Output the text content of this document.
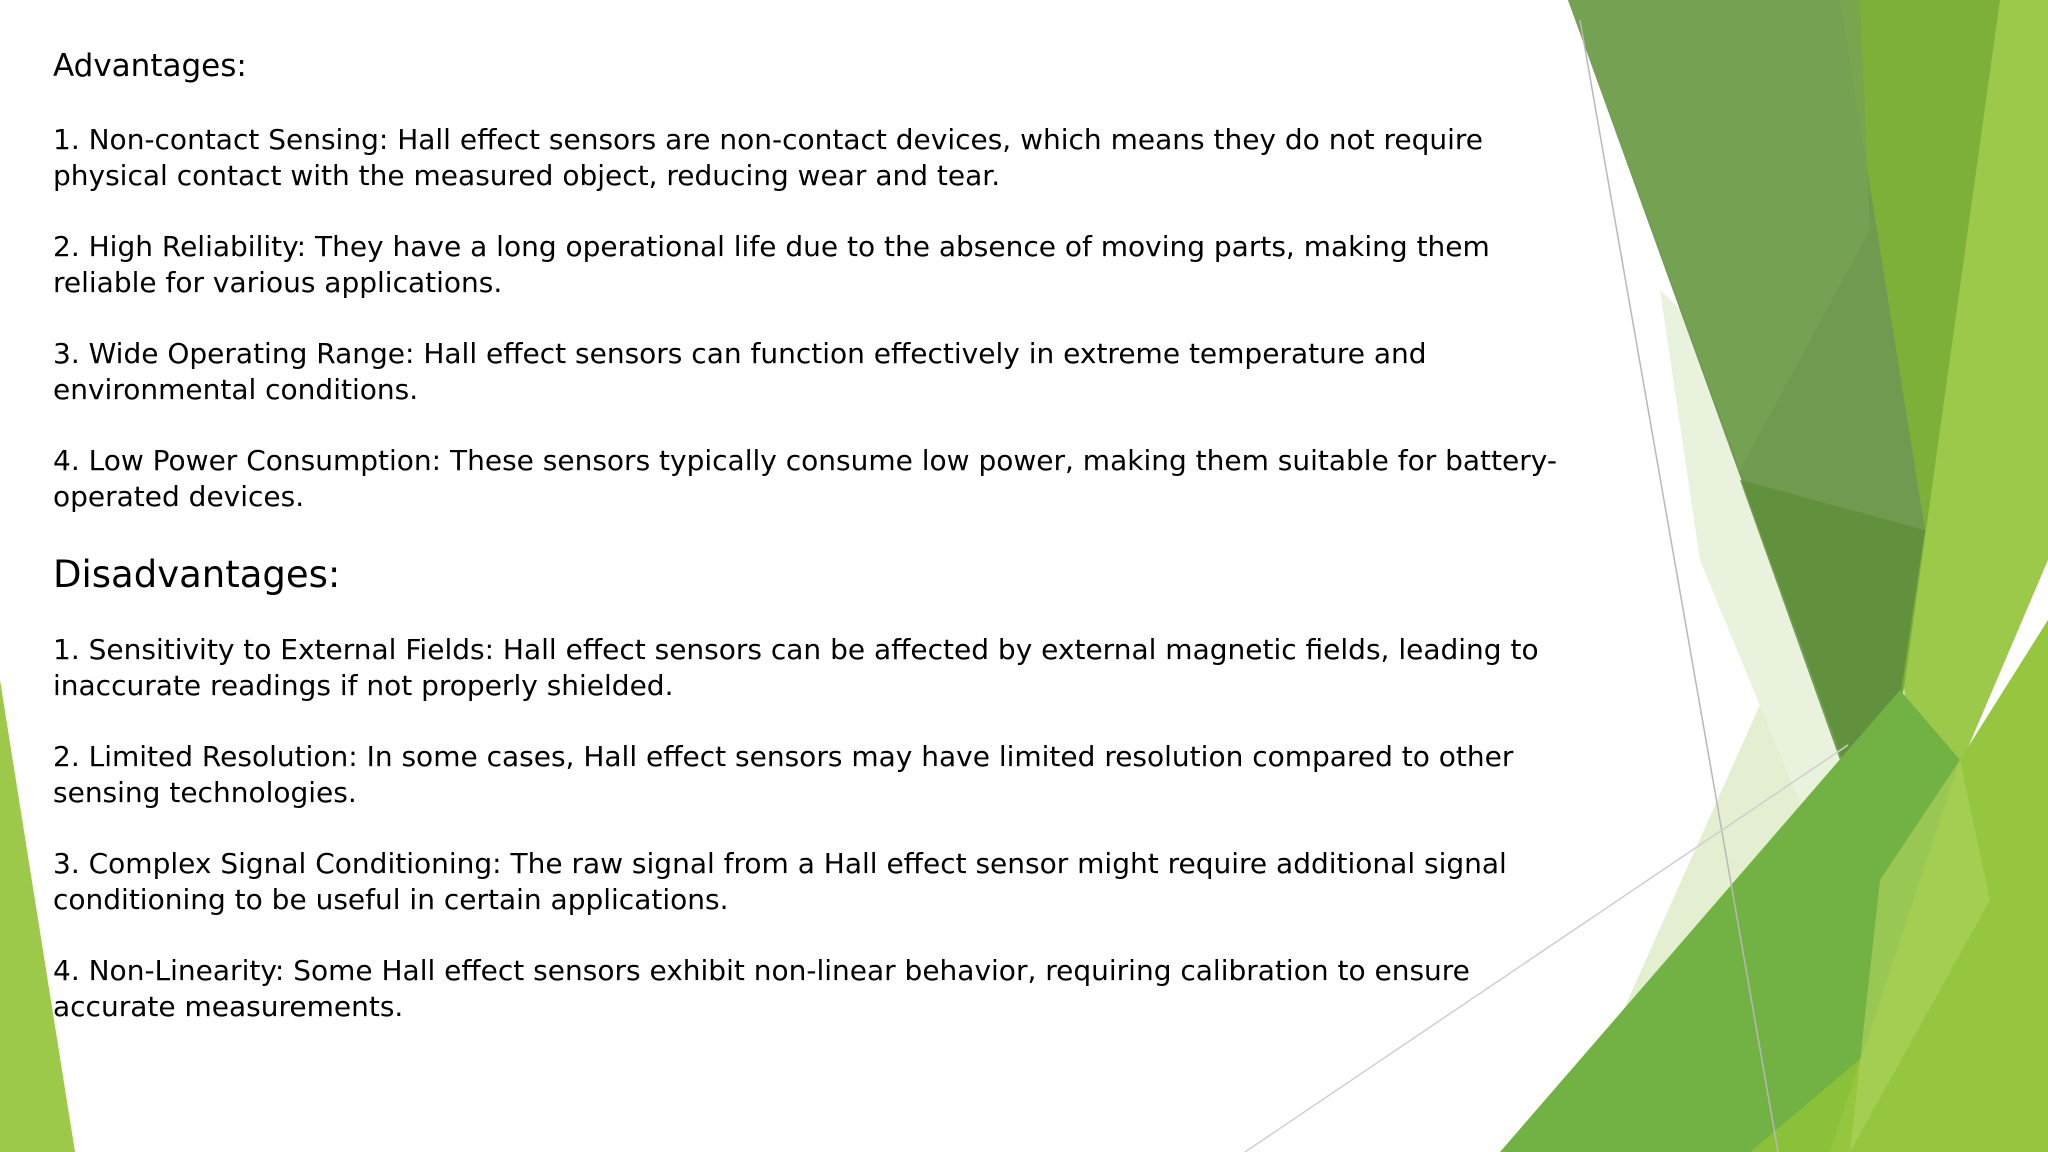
Advantages:

1. Non-contact Sensing: Hall effect sensors are non-contact devices, which means they do not require physical contact with the measured object, reducing wear and tear.

2. High Reliability: They have a long operational life due to the absence of moving parts, making them reliable for various applications.

3. Wide Operating Range: Hall effect sensors can function effectively in extreme temperature and environmental conditions.

4. Low Power Consumption: These sensors typically consume low power, making them suitable for battery-operated devices.

Disadvantages:

1. Sensitivity to External Fields: Hall effect sensors can be affected by external magnetic fields, leading to inaccurate readings if not properly shielded.

2. Limited Resolution: In some cases, Hall effect sensors may have limited resolution compared to other sensing technologies.

3. Complex Signal Conditioning: The raw signal from a Hall effect sensor might require additional signal conditioning to be useful in certain applications.

4. Non-Linearity: Some Hall effect sensors exhibit non-linear behavior, requiring calibration to ensure accurate measurements.
